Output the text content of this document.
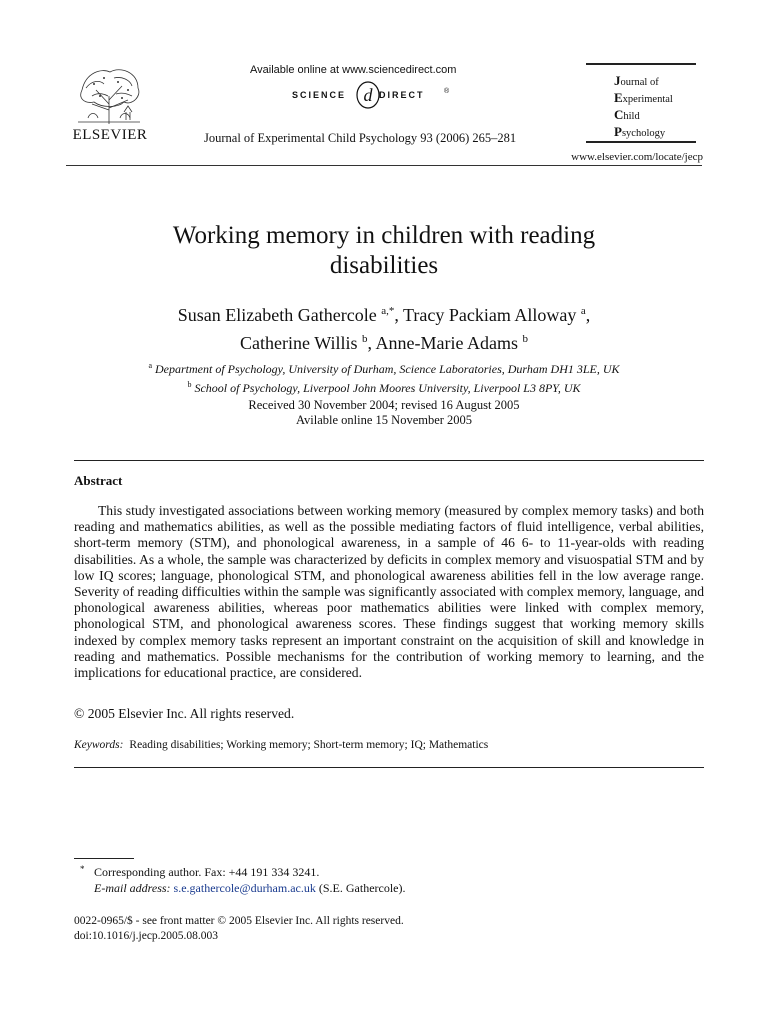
ELSEVIER
Available online at www.sciencedirect.com
SCIENCE d DIRECT	®
Journal of Experimental Child Psychology 93 (2006) 265–281
Journal of
Experimental
Child
Psychology
www.elsevier.com/locate/jecp
Working memory in children with reading
disabilities
Susan Elizabeth Gathercole $^{a,*}$, Tracy Packiam Alloway $^a$,
Catherine Willis $^b$, Anne-Marie Adams $^b$
$^a$ Department of Psychology, University of Durham, Science Laboratories, Durham DH1 3LE, UK
$^b$ School of Psychology, Liverpool John Moores University, Liverpool L3 8PY, UK
Received 30 November 2004; revised 16 August 2005
Avilable online 15 November 2005
Abstract

This study investigated associations between working memory (measured by complex memory tasks) and both reading and mathematics abilities, as well as the possible mediating factors of fluid intelligence, verbal abilities, short-term memory (STM), and phonological awareness, in a sample of 46 6- to 11-year-olds with reading disabilities. As a whole, the sample was characterized by deficits in complex memory and visuospatial STM and by low IQ scores; language, phonological STM, and phonological awareness abilities fell in the low average range. Severity of reading difficulties within the sample was significantly associated with complex memory, language, and phonological awareness abilities, whereas poor mathematics abilities were linked with complex memory, phonological STM, and phonological awareness scores. These findings suggest that working memory skills indexed by complex memory tasks represent an important constraint on the acquisition of skill and knowledge in reading and mathematics. Possible mechanisms for the contribution of working memory to learning, and the implications for educational practice, are considered.

© 2005 Elsevier Inc. All rights reserved.
Keywords: Reading disabilities; Working memory; Short-term memory; IQ; Mathematics
* Corresponding author. Fax: +44 191 334 3241.
E-mail address: s.e.gathercole@durham.ac.uk (S.E. Gathercole).
0022-0965/$ - see front matter © 2005 Elsevier Inc. All rights reserved.
doi:10.1016/j.jecp.2005.08.003
